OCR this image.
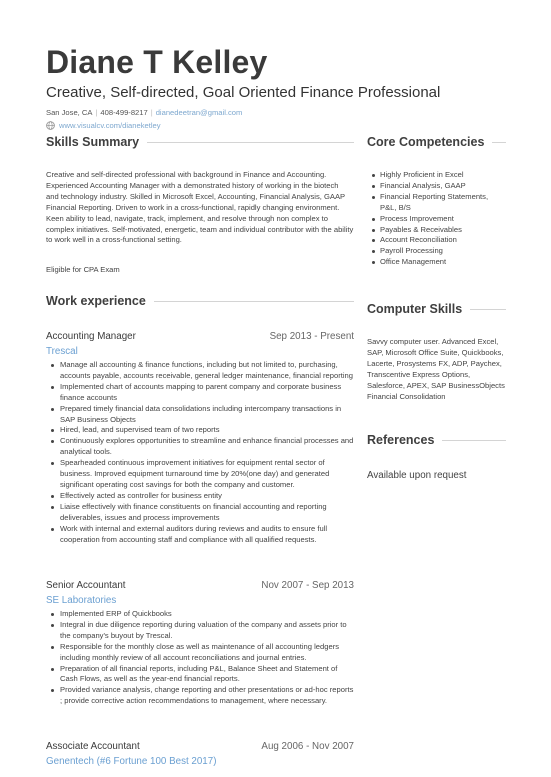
Diane T Kelley
Creative, Self-directed, Goal Oriented Finance Professional
San Jose, CA | 408-499-8217 | dianedeetran@gmail.com
www.visualcv.com/dianeketley
Skills Summary
Creative and self-directed professional with background in Finance and Accounting. Experienced Accounting Manager with a demonstrated history of working in the biotech
and technology industry. Skilled in Microsoft Excel, Accounting, Financial Analysis, GAAP Financial Reporting. Driven to work in a cross-functional, rapidly changing environment. Keen ability to lead, navigate, track, implement, and resolve through non complex to complex initiatives. Self-motivated, energetic, team and individual contributor with the ability to work well in a cross-functional setting.
Eligible for CPA Exam
Work experience
Accounting Manager	Sep 2013 - Present
Trescal
Manage all accounting & finance functions, including but not limited to, purchasing, accounts payable, accounts receivable, general ledger maintenance, financial reporting
Implemented chart of accounts mapping to parent company and corporate business finance accounts
Prepared timely financial data consolidations including intercompany transactions in SAP Business Objects
Hired, lead, and supervised team of two reports
Continuously explores opportunities to streamline and enhance financial processes and analytical tools.
Spearheaded continuous improvement initiatives for equipment rental sector of business. Improved equipment turnaround time by 20%(one day) and generated significant operating cost savings for both the company and customer.
Effectively acted as controller for business entity
Liaise effectively with finance constituents on financial accounting and reporting deliverables, issues and process improvements
Work with internal and external auditors during reviews and audits to ensure full cooperation from accounting staff and compliance with all qualified requests.
Senior Accountant	Nov 2007 - Sep 2013
SE Laboratories
Implemented ERP of Quickbooks
Integral in due diligence reporting during valuation of the company and assets prior to the company's buyout by Trescal.
Responsible for the monthly close as well as maintenance of all accounting ledgers including monthly review of all account reconciliations and journal entries.
Preparation of all financial reports, including P&L, Balance Sheet and Statement of Cash Flows, as well as the year-end financial reports.
Provided variance analysis, change reporting and other presentations or ad-hoc reports ; provide corrective action recommendations to management, where necessary.
Associate Accountant	Aug 2006 - Nov 2007
Genentech (#6 Fortune 100 Best 2017)
Core Competencies
Highly Proficient in Excel
Financial Analysis, GAAP
Financial Reporting Statements, P&L, B/S
Process Improvement
Payables & Receivables
Account Reconciliation
Payroll Processing
Office Management
Computer Skills
Savvy computer user. Advanced Excel, SAP, Microsoft Office Suite, Quickbooks, Lacerte, Prosystems FX, ADP, Paychex, Transcentive Express Options, Salesforce, APEX, SAP BusinessObjects Financial Consolidation
References
Available upon request
